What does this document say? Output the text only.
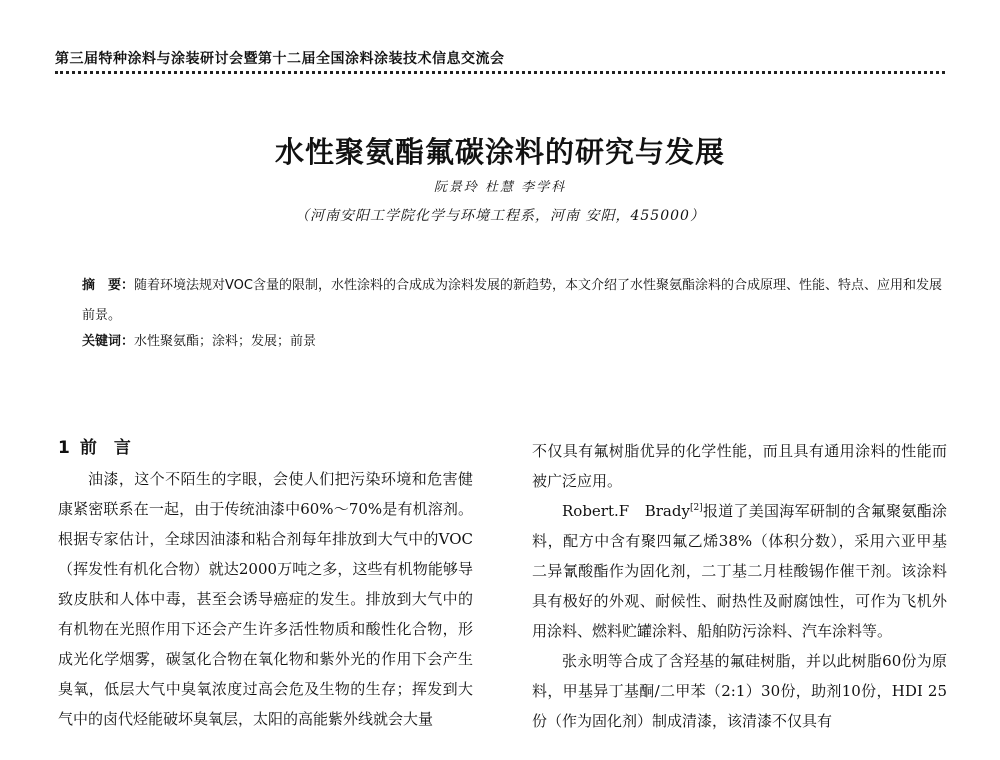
第三届特种涂料与涂装研讨会暨第十二届全国涂料涂装技术信息交流会
水性聚氨酯氟碳涂料的研究与发展
阮景玲 杜慧 李学科
（河南安阳工学院化学与环境工程系，河南 安阳，455000）
摘　要：随着环境法规对VOC含量的限制，水性涂料的合成成为涂料发展的新趋势，本文介绍了水性聚氨酯涂料的合成原理、性能、特点、应用和发展前景。
关键词：水性聚氨酯；涂料；发展；前景
1 前　言

油漆，这个不陌生的字眼，会使人们把污染环境和危害健康紧密联系在一起，由于传统油漆中60%～70%是有机溶剂。根据专家估计，全球因油漆和粘合剂每年排放到大气中的VOC（挥发性有机化合物）就达2000万吨之多，这些有机物能够导致皮肤和人体中毒，甚至会诱导癌症的发生。排放到大气中的有机物在光照作用下还会产生许多活性物质和酸性化合物，形成光化学烟雾，碳氢化合物在氧化物和紫外光的作用下会产生臭氧，低层大气中臭氧浓度过高会危及生物的生存；挥发到大气中的卤代烃能破坏臭氧层，太阳的高能紫外线就会大量

不仅具有氟树脂优异的化学性能，而且具有通用涂料的性能而被广泛应用。

Robert.F　Brady[2]报道了美国海军研制的含氟聚氨酯涂料，配方中含有聚四氟乙烯38%（体积分数），采用六亚甲基二异氰酸酯作为固化剂，二丁基二月桂酸锡作催干剂。该涂料具有极好的外观、耐候性、耐热性及耐腐蚀性，可作为飞机外用涂料、燃料贮罐涂料、船舶防污涂料、汽车涂料等。

张永明等合成了含羟基的氟硅树脂，并以此树脂60份为原料，甲基异丁基酮/二甲苯（2:1）30份，助剂10份，HDI 25份（作为固化剂）制成清漆，该清漆不仅具有
